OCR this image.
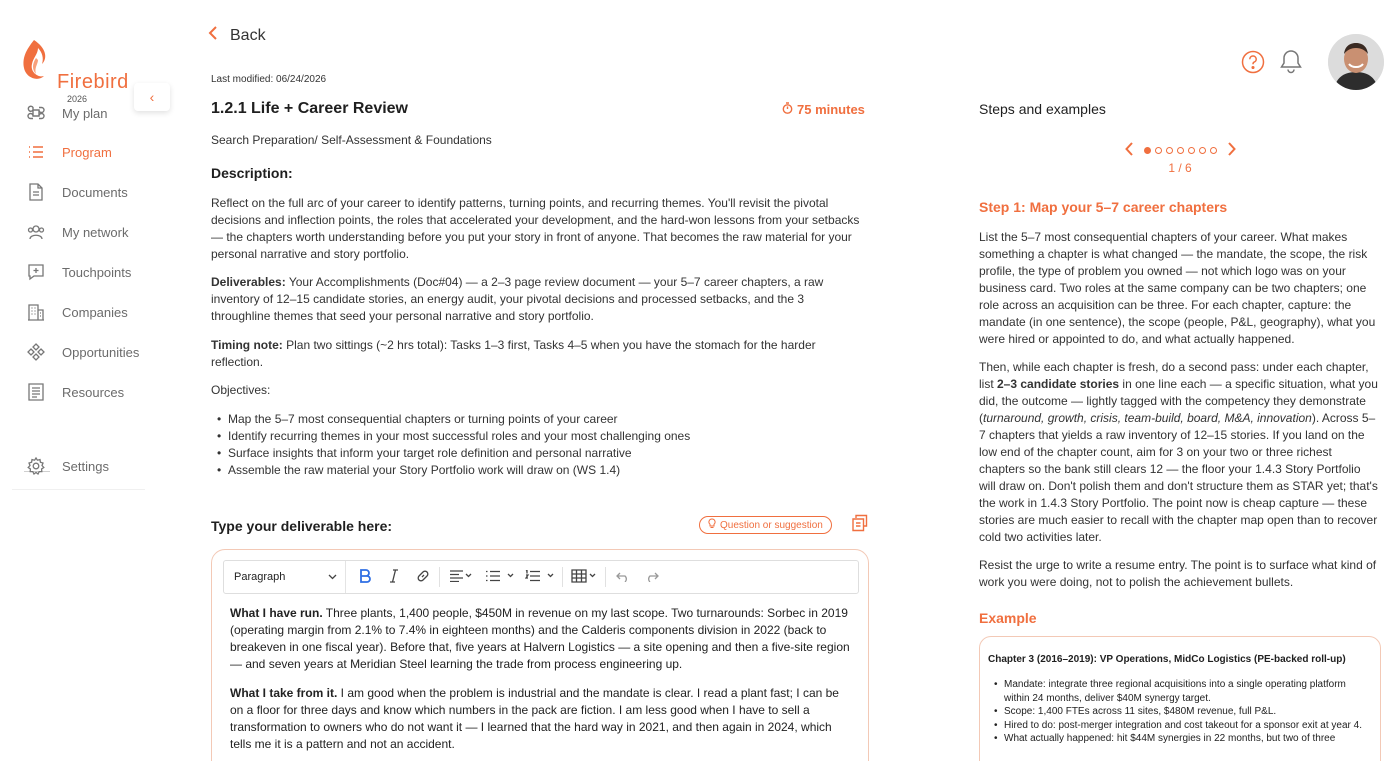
Firebird
2026
My plan
Program
Documents
My network
Touchpoints
Companies
Opportunities
Resources
Settings
‹
Back
Last modified: 06/24/2026
1.2.1 Life + Career Review	75 minutes
Search Preparation/ Self-Assessment & Foundations
Description:
Reflect on the full arc of your career to identify patterns, turning points, and recurring themes. You'll revisit the pivotal decisions and inflection points, the roles that accelerated your development, and the hard-won lessons from your setbacks — the chapters worth understanding before you put your story in front of anyone. That becomes the raw material for your personal narrative and story portfolio.
Deliverables: Your Accomplishments (Doc#04) — a 2–3 page review document — your 5–7 career chapters, a raw inventory of 12–15 candidate stories, an energy audit, your pivotal decisions and processed setbacks, and the 3 throughline themes that seed your personal narrative and story portfolio.
Timing note: Plan two sittings (~2 hrs total): Tasks 1–3 first, Tasks 4–5 when you have the stomach for the harder reflection.
Objectives:
• Map the 5–7 most consequential chapters or turning points of your career
• Identify recurring themes in your most successful roles and your most challenging ones
• Surface insights that inform your target role definition and personal narrative
• Assemble the raw material your Story Portfolio work will draw on (WS 1.4)
Type your deliverable here:	Question or suggestion
Paragraph

What I have run. Three plants, 1,400 people, $450M in revenue on my last scope. Two turnarounds: Sorbec in 2019 (operating margin from 2.1% to 7.4% in eighteen months) and the Calderis components division in 2022 (back to breakeven in one fiscal year). Before that, five years at Halvern Logistics — a site opening and then a five-site region — and seven years at Meridian Steel learning the trade from process engineering up.

What I take from it. I am good when the problem is industrial and the mandate is clear. I read a plant fast; I can be on a floor for three days and know which numbers in the pack are fiction. I am less good when I have to sell a transformation to owners who do not want it — I learned that the hard way in 2021, and then again in 2024, which tells me it is a pattern and not an accident.

Steps and examples
1 / 6
Step 1: Map your 5–7 career chapters
List the 5–7 most consequential chapters of your career. What makes something a chapter is what changed — the mandate, the scope, the risk profile, the type of problem you owned — not which logo was on your business card. Two roles at the same company can be two chapters; one role across an acquisition can be three. For each chapter, capture: the mandate (in one sentence), the scope (people, P&L, geography), what you were hired or appointed to do, and what actually happened.
Then, while each chapter is fresh, do a second pass: under each chapter, list 2–3 candidate stories in one line each — a specific situation, what you did, the outcome — lightly tagged with the competency they demonstrate (turnaround, growth, crisis, team-build, board, M&A, innovation). Across 5–7 chapters that yields a raw inventory of 12–15 stories. If you land on the low end of the chapter count, aim for 3 on your two or three richest chapters so the bank still clears 12 — the floor your 1.4.3 Story Portfolio will draw on. Don't polish them and don't structure them as STAR yet; that's the work in 1.4.3 Story Portfolio. The point now is cheap capture — these stories are much easier to recall with the chapter map open than to recover cold two activities later.
Resist the urge to write a resume entry. The point is to surface what kind of work you were doing, not to polish the achievement bullets.
Example
Chapter 3 (2016–2019): VP Operations, MidCo Logistics (PE-backed roll-up)
• Mandate: integrate three regional acquisitions into a single operating platform within 24 months, deliver $40M synergy target.
• Scope: 1,400 FTEs across 11 sites, $480M revenue, full P&L.
• Hired to do: post-merger integration and cost takeout for a sponsor exit at year 4.
• What actually happened: hit $44M synergies in 22 months, but two of three
